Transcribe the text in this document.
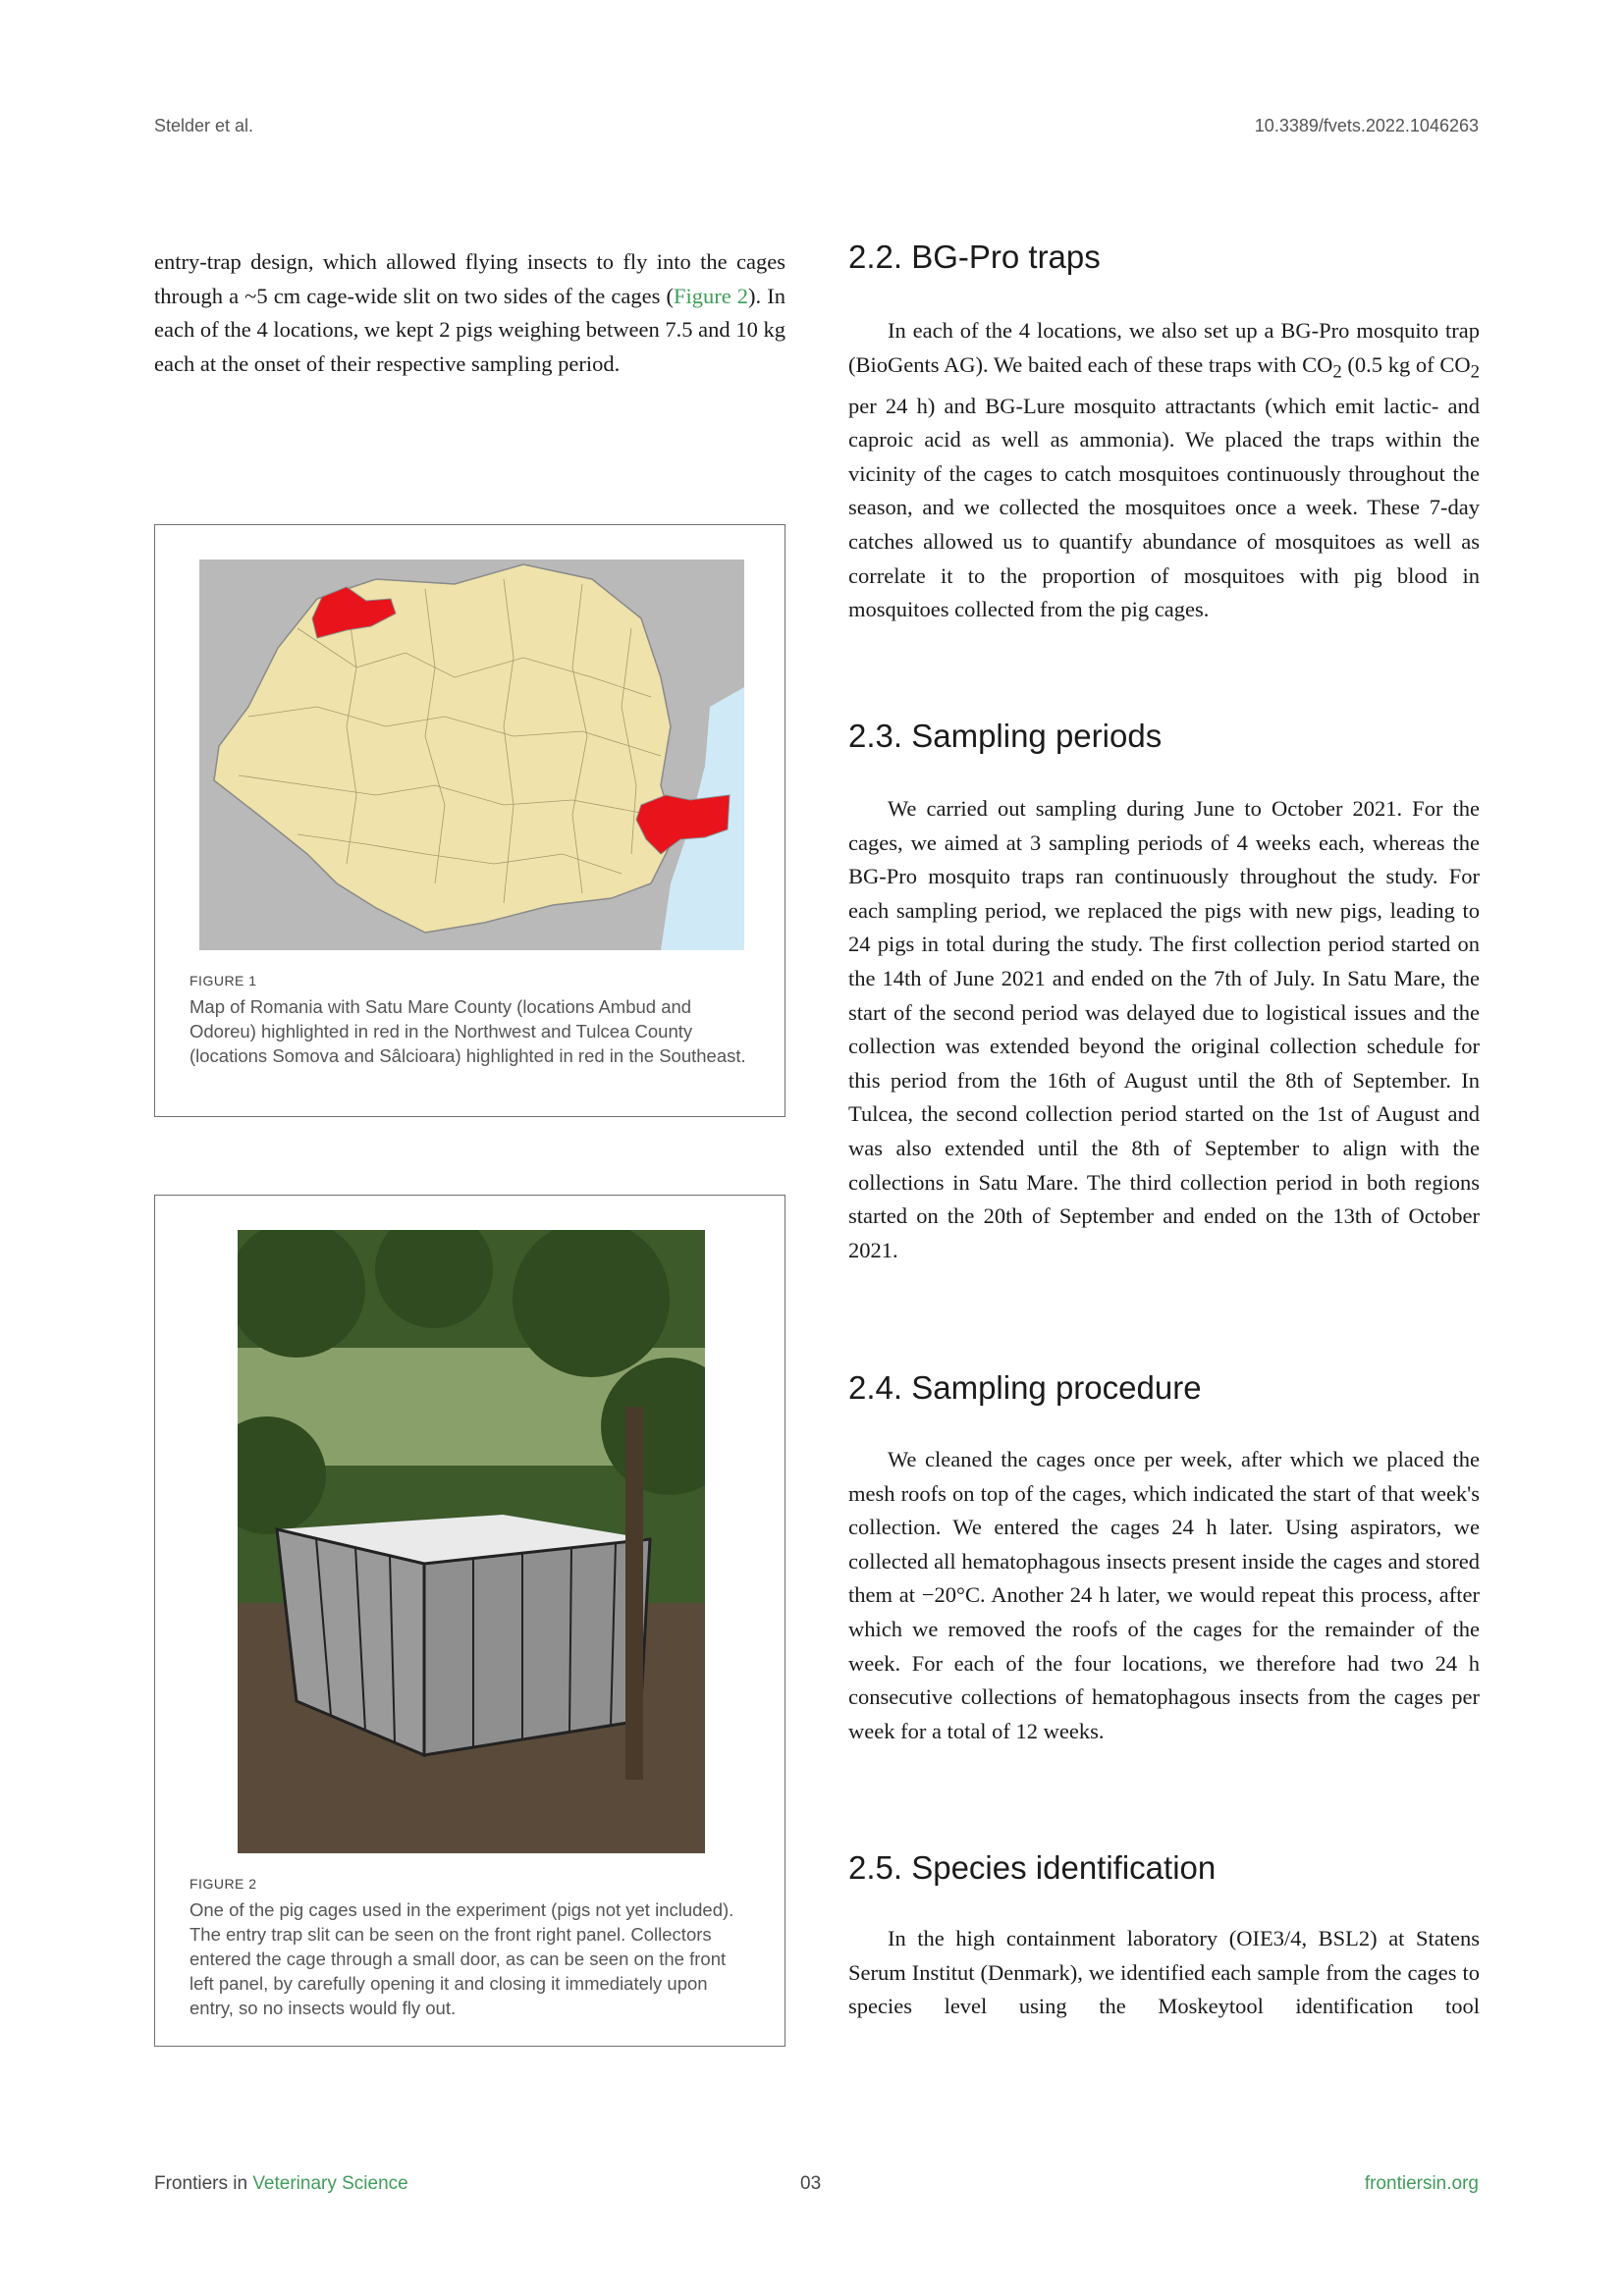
Stelder et al.	10.3389/fvets.2022.1046263

entry-trap design, which allowed flying insects to fly into the cages through a ~5 cm cage-wide slit on two sides of the cages (Figure 2). In each of the 4 locations, we kept 2 pigs weighing between 7.5 and 10 kg each at the onset of their respective sampling period.

FIGURE 1
Map of Romania with Satu Mare County (locations Ambud and Odoreu) highlighted in red in the Northwest and Tulcea County (locations Somova and Sâlcioara) highlighted in red in the Southeast.
FIGURE 2
One of the pig cages used in the experiment (pigs not yet included). The entry trap slit can be seen on the front right panel. Collectors entered the cage through a small door, as can be seen on the front left panel, by carefully opening it and closing it immediately upon entry, so no insects would fly out.
2.2. BG-Pro traps

In each of the 4 locations, we also set up a BG-Pro mosquito trap (BioGents AG). We baited each of these traps with $CO_2$ (0.5 kg of $CO_2$ per 24 h) and BG-Lure mosquito attractants (which emit lactic- and caproic acid as well as ammonia). We placed the traps within the vicinity of the cages to catch mosquitoes continuously throughout the season, and we collected the mosquitoes once a week. These 7-day catches allowed us to quantify abundance of mosquitoes as well as correlate it to the proportion of mosquitoes with pig blood in mosquitoes collected from the pig cages.

2.3. Sampling periods

We carried out sampling during June to October 2021. For the cages, we aimed at 3 sampling periods of 4 weeks each, whereas the BG-Pro mosquito traps ran continuously throughout the study. For each sampling period, we replaced the pigs with new pigs, leading to 24 pigs in total during the study. The first collection period started on the 14th of June 2021 and ended on the 7th of July. In Satu Mare, the start of the second period was delayed due to logistical issues and the collection was extended beyond the original collection schedule for this period from the 16th of August until the 8th of September. In Tulcea, the second collection period started on the 1st of August and was also extended until the 8th of September to align with the collections in Satu Mare. The third collection period in both regions started on the 20th of September and ended on the 13th of October 2021.

2.4. Sampling procedure

We cleaned the cages once per week, after which we placed the mesh roofs on top of the cages, which indicated the start of that week's collection. We entered the cages 24 h later. Using aspirators, we collected all hematophagous insects present inside the cages and stored them at −20°C. Another 24 h later, we would repeat this process, after which we removed the roofs of the cages for the remainder of the week. For each of the four locations, we therefore had two 24 h consecutive collections of hematophagous insects from the cages per week for a total of 12 weeks.

2.5. Species identification

In the high containment laboratory (OIE3/4, BSL2) at Statens Serum Institut (Denmark), we identified each sample from the cages to species level using the Moskeytool identification tool

Frontiers in Veterinary Science	03	frontiersin.org
